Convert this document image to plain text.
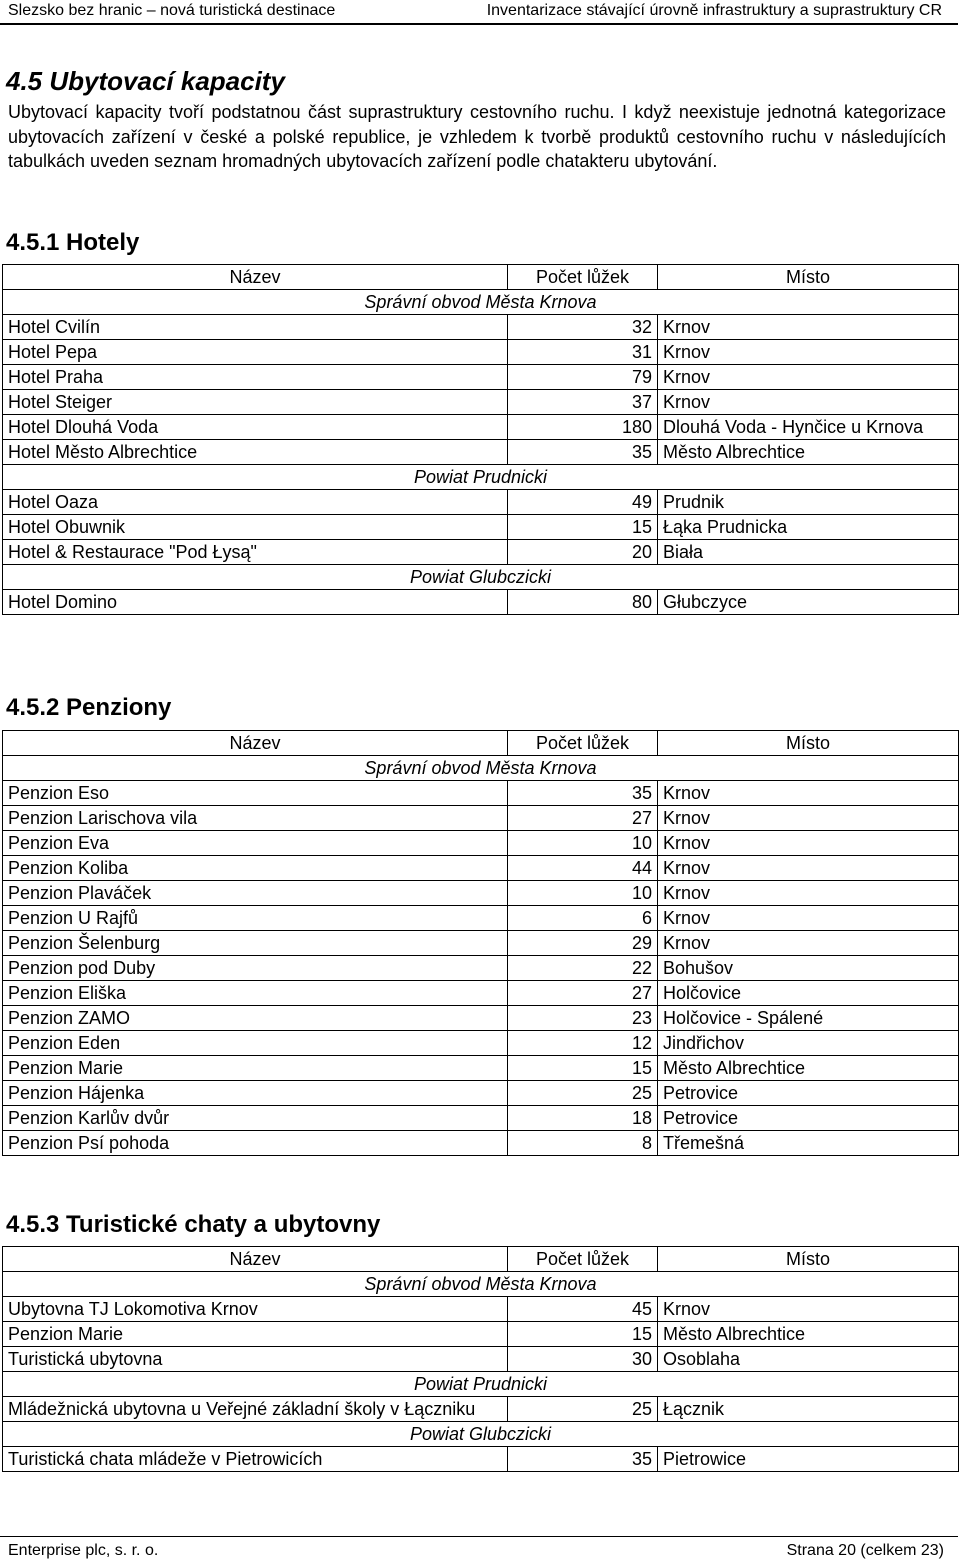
Slezsko bez hranic – nová turistická destinace	Inventarizace stávající úrovně infrastruktury a suprastruktury CR
4.5 Ubytovací kapacity

Ubytovací kapacity tvoří podstatnou část suprastruktury cestovního ruchu. I když neexistuje jednotná kategorizace ubytovacích zařízení v české a polské republice, je vzhledem k tvorbě produktů cestovního ruchu v následujících tabulkách uveden seznam hromadných ubytovacích zařízení podle chatakteru ubytování.

4.5.1 Hotely
Název	Počet lůžek	Místo
Správní obvod Města Krnova		
Hotel Cvilín	32	Krnov
Hotel Pepa	31	Krnov
Hotel Praha	79	Krnov
Hotel Steiger	37	Krnov
Hotel Dlouhá Voda	180	Dlouhá Voda - Hynčice u Krnova
Hotel Město Albrechtice	35	Město Albrechtice
Powiat Prudnicki		
Hotel Oaza	49	Prudnik
Hotel Obuwnik	15	Łąka Prudnicka
Hotel & Restaurace "Pod Łysą"	20	Biała
Powiat Glubczicki		
Hotel Domino	80	Głubczyce
4.5.2 Penziony
Název	Počet lůžek	Místo
Správní obvod Města Krnova		
Penzion Eso	35	Krnov
Penzion Larischova vila	27	Krnov
Penzion Eva	10	Krnov
Penzion Koliba	44	Krnov
Penzion Plaváček	10	Krnov
Penzion U Rajfů	6	Krnov
Penzion Šelenburg	29	Krnov
Penzion pod Duby	22	Bohušov
Penzion Eliška	27	Holčovice
Penzion ZAMO	23	Holčovice - Spálené
Penzion Eden	12	Jindřichov
Penzion Marie	15	Město Albrechtice
Penzion Hájenka	25	Petrovice
Penzion Karlův dvůr	18	Petrovice
Penzion Psí pohoda	8	Třemešná
4.5.3 Turistické chaty a ubytovny
Název	Počet lůžek	Místo
Správní obvod Města Krnova		
Ubytovna TJ Lokomotiva Krnov	45	Krnov
Penzion Marie	15	Město Albrechtice
Turistická ubytovna	30	Osoblaha
Powiat Prudnicki		
Mládežnická ubytovna u Veřejné základní školy v Łączniku	25	Łącznik
Powiat Glubczicki		
Turistická chata mládeže v Pietrowicích	35	Pietrowice
Enterprise plc, s. r. o.	Strana 20 (celkem 23)
